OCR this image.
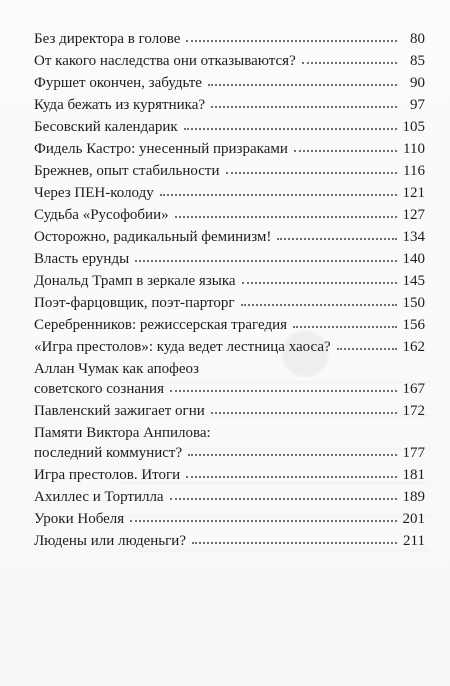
Без директора в голове	80
От какого наследства они отказываются?	85
Фуршет окончен, забудьте	90
Куда бежать из курятника?	97
Бесовский календарик	105
Фидель Кастро: унесенный призраками	110
Брежнев, опыт стабильности	116
Через ПЕН-колоду	121
Судьба «Русофобии»	127
Осторожно, радикальный феминизм!	134
Власть ерунды	140
Дональд Трамп в зеркале языка	145
Поэт-фарцовщик, поэт-парторг	150
Серебренников: режиссерская трагедия	156
«Игра престолов»: куда ведет лестница хаоса?	162
Аллан Чумак как апофеоз
советского сознания	167
Павленский зажигает огни	172
Памяти Виктора Анпилова:
последний коммунист?	177
Игра престолов. Итоги	181
Ахиллес и Тортилла	189
Уроки Нобеля	201
Людены или люденьги?	211
